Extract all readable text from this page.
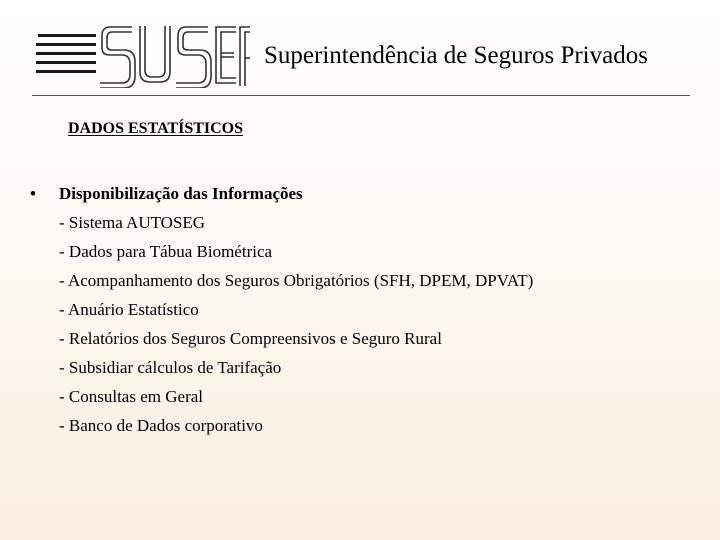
Superintendência de Seguros Privados
DADOS ESTATÍSTICOS
•	Disponibilização das Informações
- Sistema AUTOSEG
- Dados para Tábua Biométrica
- Acompanhamento dos Seguros Obrigatórios (SFH, DPEM, DPVAT)
- Anuário Estatístico
- Relatórios dos Seguros Compreensivos e Seguro Rural
- Subsidiar cálculos de Tarifação
- Consultas em Geral
- Banco de Dados corporativo
